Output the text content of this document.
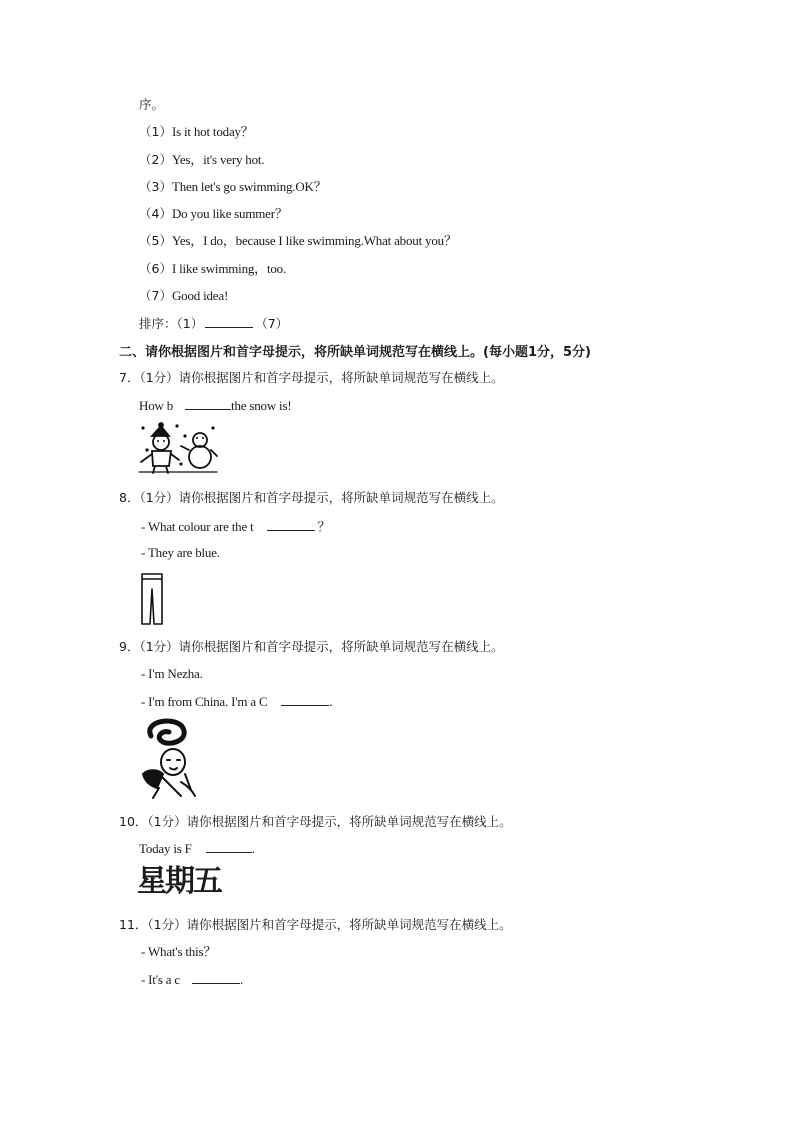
序。
（1）Is it hot today？
（2）Yes，it's very hot.
（3）Then let's go swimming.OK？
（4）Do you like summer？
（5）Yes，I do，because I like swimming.What about you？
（6）I like swimming，too.
（7）Good idea!
排序：（1）	（7）
二、请你根据图片和首字母提示，将所缺单词规范写在横线上。(每小题1分，5分)
7．（1分）请你根据图片和首字母提示，将所缺单词规范写在横线上。
How b	the snow is!
8．（1分）请你根据图片和首字母提示，将所缺单词规范写在横线上。
- What colour are the t	？
- They are blue.
9．（1分）请你根据图片和首字母提示，将所缺单词规范写在横线上。
- I'm Nezha.
- I'm from China. I'm a C	.
10．（1分）请你根据图片和首字母提示，将所缺单词规范写在横线上。
Today is F	.
星期五
11．（1分）请你根据图片和首字母提示，将所缺单词规范写在横线上。
- What's this？
- It's a c	.
